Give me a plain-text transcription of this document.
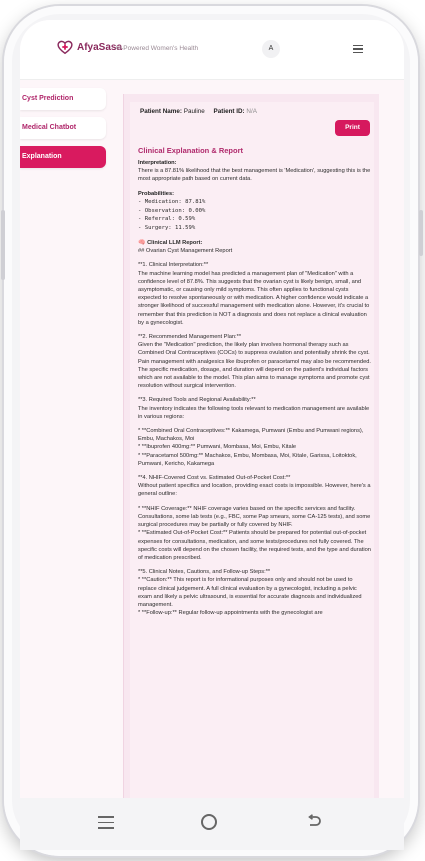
AfyaSasa
AI-Powered Women's Health	A
Cyst Prediction
Medical Chatbot
Explanation
Patient Name: Pauline Patient ID: N/A
Print
Clinical Explanation & Report

Interpretation:
There is a 87.81% likelihood that the best management is 'Medication', suggesting this is the most appropriate path based on current data.

Probabilities:
- Medication: 87.81%
- Observation: 0.00%
- Referral: 0.59%
- Surgery: 11.59%

🧠 Clinical LLM Report:
## Ovarian Cyst Management Report

**1. Clinical Interpretation:**
The machine learning model has predicted a management plan of "Medication" with a confidence level of 87.8%. This suggests that the ovarian cyst is likely benign, small, and asymptomatic, or causing only mild symptoms. This often applies to functional cysts expected to resolve spontaneously or with medication. A higher confidence would indicate a stronger likelihood of successful management with medication alone. However, it's crucial to remember that this prediction is NOT a diagnosis and does not replace a clinical evaluation by a gynecologist.

**2. Recommended Management Plan:**
Given the "Medication" prediction, the likely plan involves hormonal therapy such as Combined Oral Contraceptives (COCs) to suppress ovulation and potentially shrink the cyst. Pain management with analgesics like ibuprofen or paracetamol may also be recommended. The specific medication, dosage, and duration will depend on the patient's individual factors which are not available to the model. This plan aims to manage symptoms and promote cyst resolution without surgical intervention.

**3. Required Tools and Regional Availability:**
The inventory indicates the following tools relevant to medication management are available in various regions:

* **Combined Oral Contraceptives:** Kakamega, Pumwani (Embu and Pumwani regions), Embu, Machakos, Moi
* **Ibuprofen 400mg:** Pumwani, Mombasa, Moi, Embu, Kitale
* **Paracetamol 500mg:** Machakos, Embu, Mombasa, Moi, Kitale, Garissa, Loitoktok, Pumwani, Kericho, Kakamega

**4. NHIF-Covered Cost vs. Estimated Out-of-Pocket Cost:**
Without patient specifics and location, providing exact costs is impossible. However, here's a general outline:

* **NHIF Coverage:** NHIF coverage varies based on the specific services and facility. Consultations, some lab tests (e.g., FBC, some Pap smears, some CA-125 tests), and some surgical procedures may be partially or fully covered by NHIF.
* **Estimated Out-of-Pocket Cost:** Patients should be prepared for potential out-of-pocket expenses for consultations, medication, and some tests/procedures not fully covered. The specific costs will depend on the chosen facility, the required tests, and the type and duration of medication prescribed.

**5. Clinical Notes, Cautions, and Follow-up Steps:**
* **Caution:** This report is for informational purposes only and should not be used to replace clinical judgement. A full clinical evaluation by a gynecologist, including a pelvic exam and likely a pelvic ultrasound, is essential for accurate diagnosis and individualized management.
* **Follow-up:** Regular follow-up appointments with the gynecologist are
